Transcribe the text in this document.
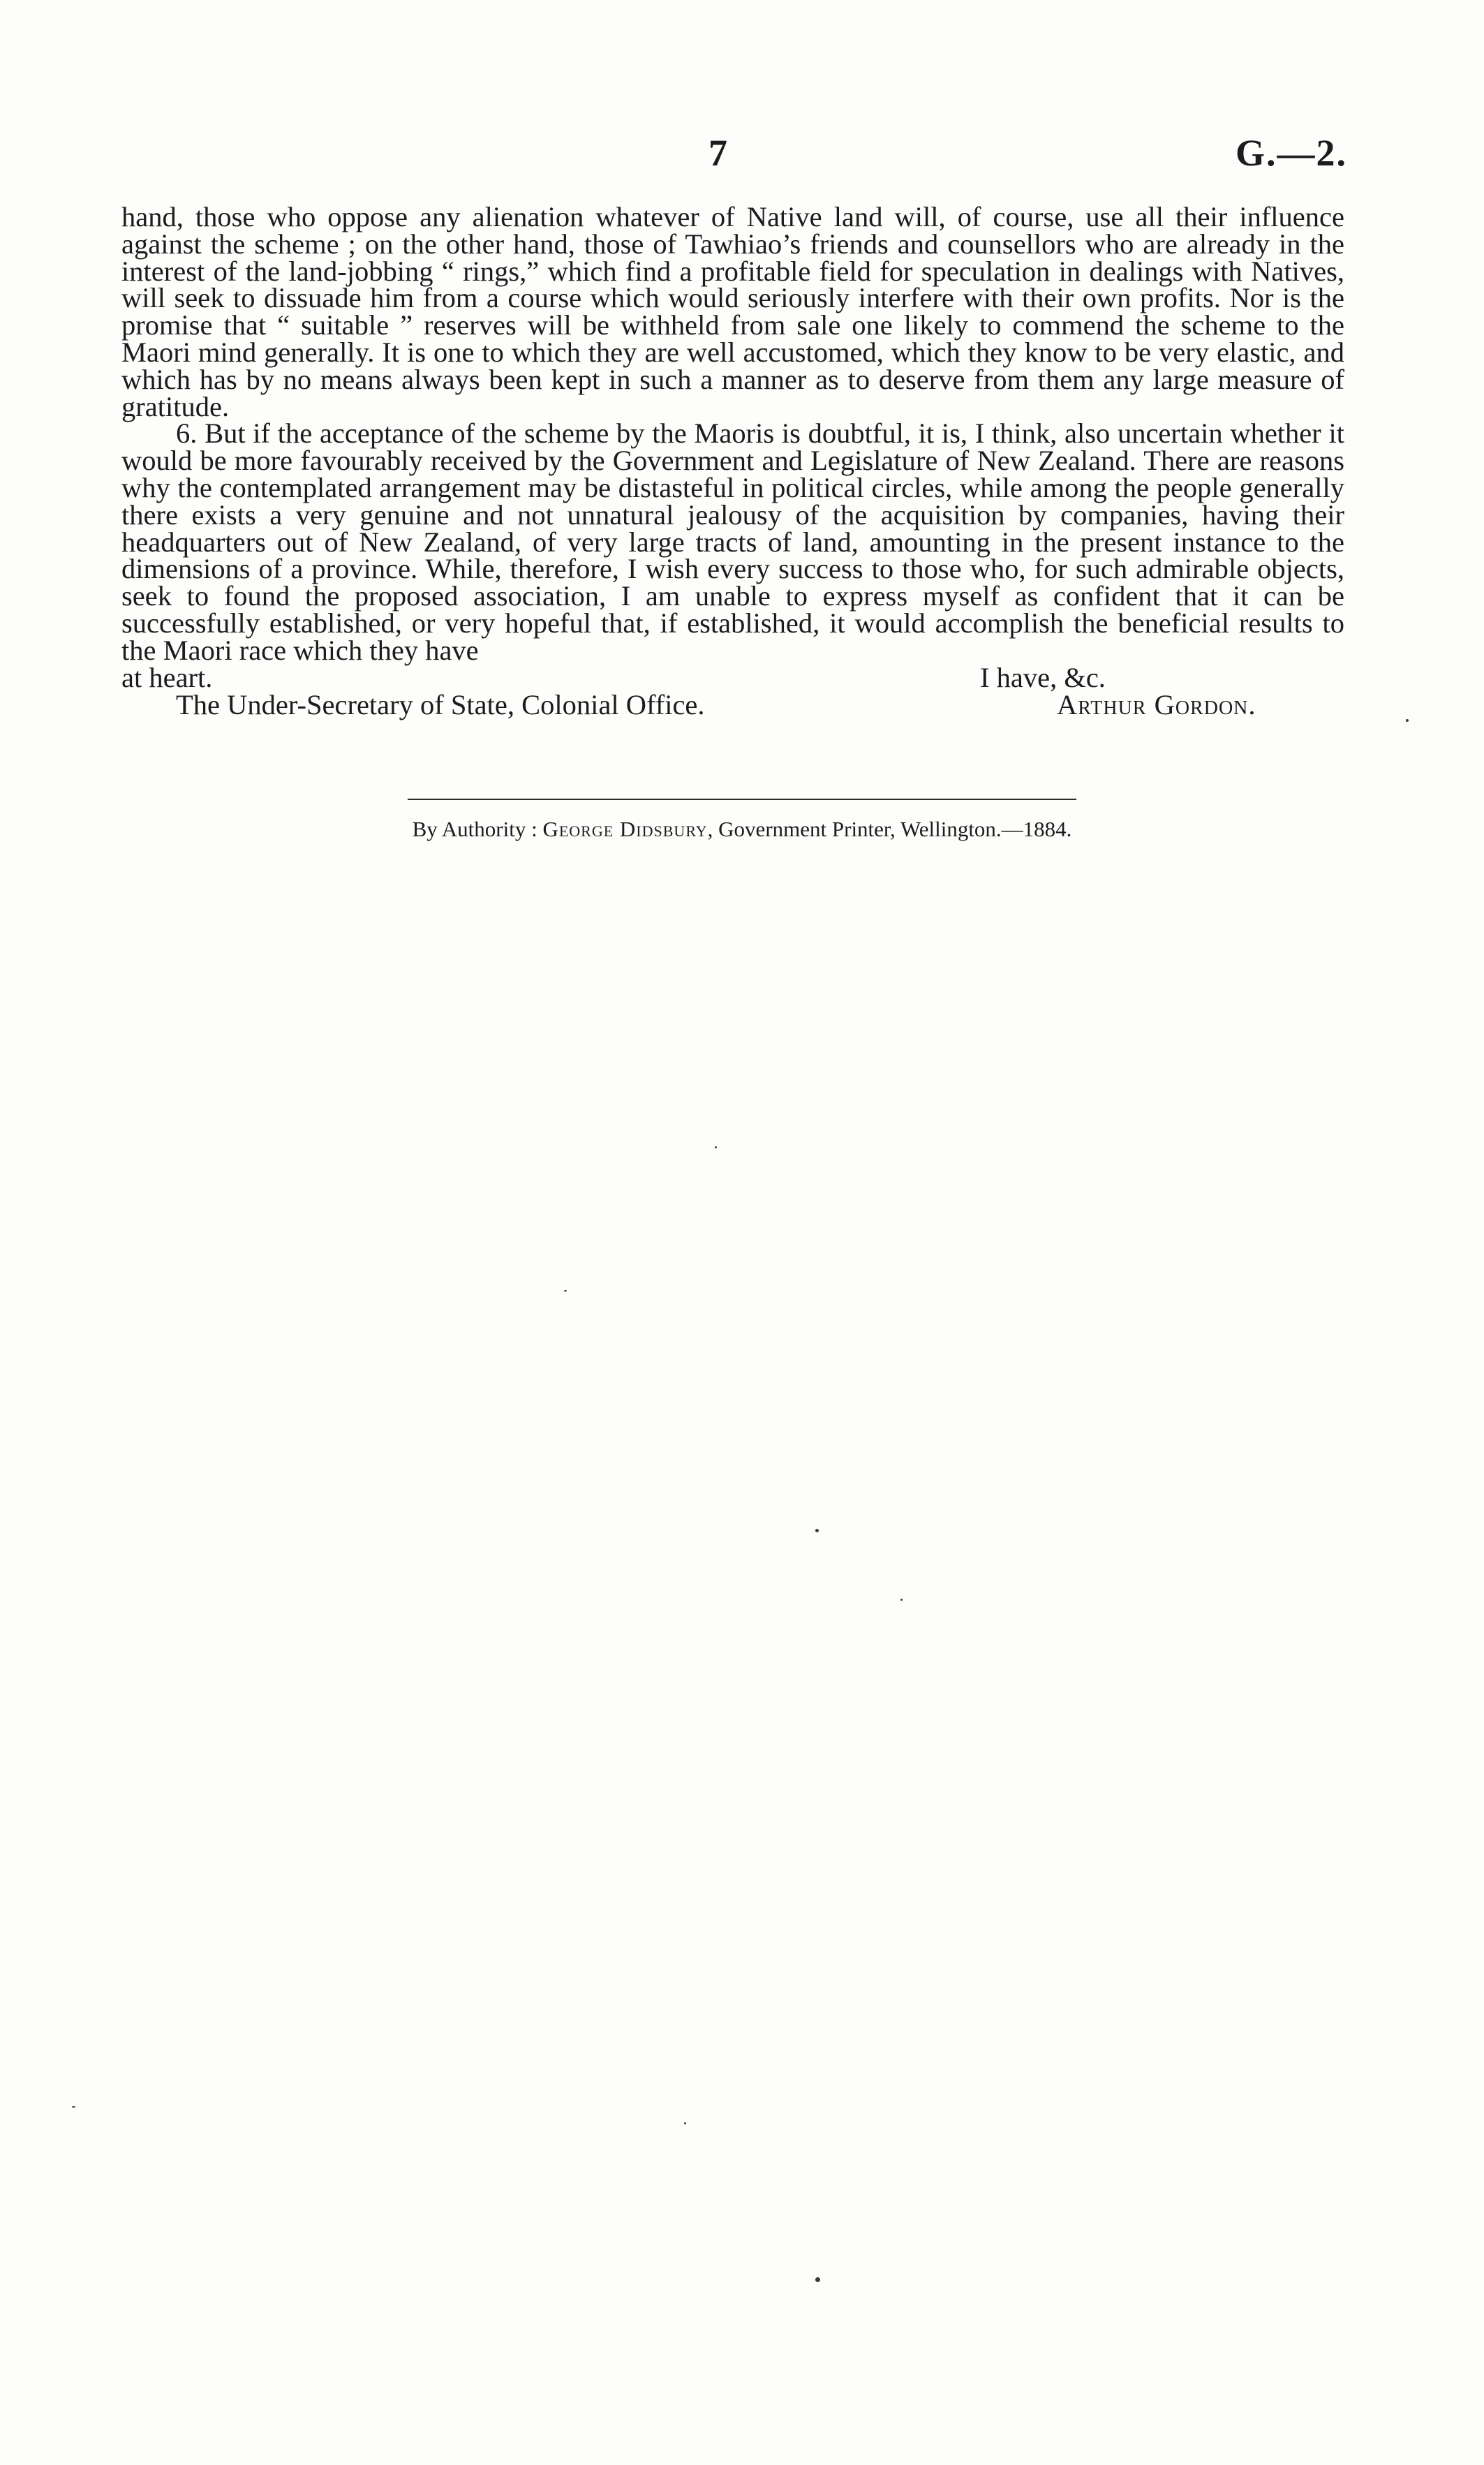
7	G.—2.

hand, those who oppose any alienation whatever of Native land will, of course, use all their influence against the scheme ; on the other hand, those of Tawhiao’s friends and counsellors who are already in the interest of the land-jobbing “ rings,” which find a profitable field for speculation in dealings with Natives, will seek to dissuade him from a course which would seriously interfere with their own profits. Nor is the promise that “ suitable ” reserves will be withheld from sale one likely to commend the scheme to the Maori mind generally. It is one to which they are well accustomed, which they know to be very elastic, and which has by no means always been kept in such a manner as to deserve from them any large measure of gratitude.

6. But if the acceptance of the scheme by the Maoris is doubtful, it is, I think, also uncertain whether it would be more favourably received by the Government and Legislature of New Zealand. There are reasons why the contemplated arrangement may be distasteful in political circles, while among the people generally there exists a very genuine and not unnatural jealousy of the acquisition by companies, having their headquarters out of New Zealand, of very large tracts of land, amounting in the present instance to the dimensions of a province. While, therefore, I wish every success to those who, for such admirable objects, seek to found the proposed association, I am unable to express myself as confident that it can be successfully established, or very hopeful that, if established, it would accomplish the beneficial results to the Maori race which they have

at heart.	I have, &c.
The Under-Secretary of State, Colonial Office.	Arthur Gordon.
By Authority : George Didsbury, Government Printer, Wellington.—1884.
